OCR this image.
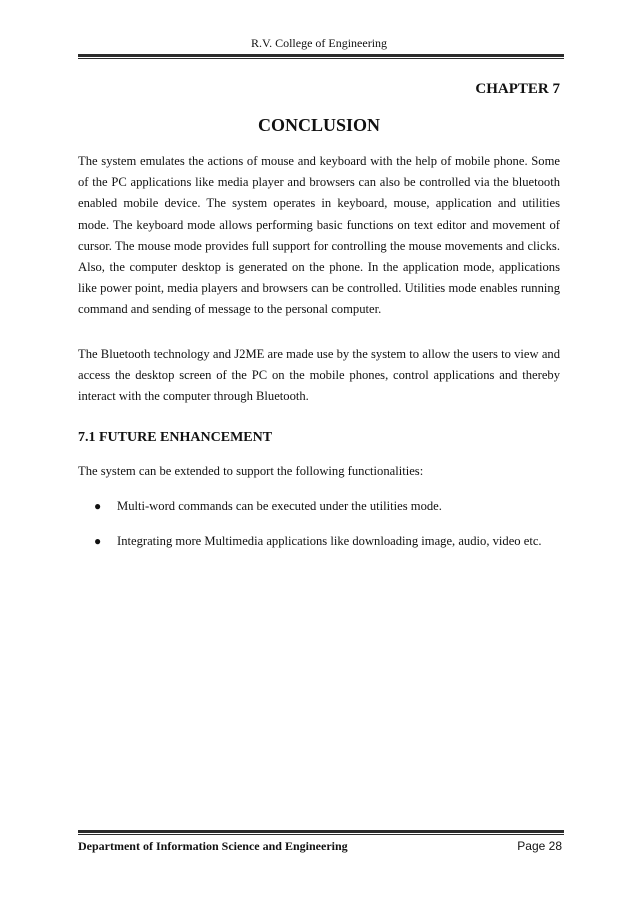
R.V. College of Engineering
CHAPTER 7
CONCLUSION

The system emulates the actions of mouse and keyboard with the help of mobile phone. Some of the PC applications like media player and browsers can also be controlled via the bluetooth enabled mobile device. The system operates in keyboard, mouse, application and utilities mode. The keyboard mode allows performing basic functions on text editor and movement of cursor. The mouse mode provides full support for controlling the mouse movements and clicks. Also, the computer desktop is generated on the phone. In the application mode, applications like power point, media players and browsers can be controlled. Utilities mode enables running command and sending of message to the personal computer.

The Bluetooth technology and J2ME are made use by the system to allow the users to view and access the desktop screen of the PC on the mobile phones, control applications and thereby interact with the computer through Bluetooth.

7.1 FUTURE ENHANCEMENT
The system can be extended to support the following functionalities:
● Multi-word commands can be executed under the utilities mode.
● Integrating more Multimedia applications like downloading image, audio, video etc.
Department of Information Science and Engineering	Page 28
